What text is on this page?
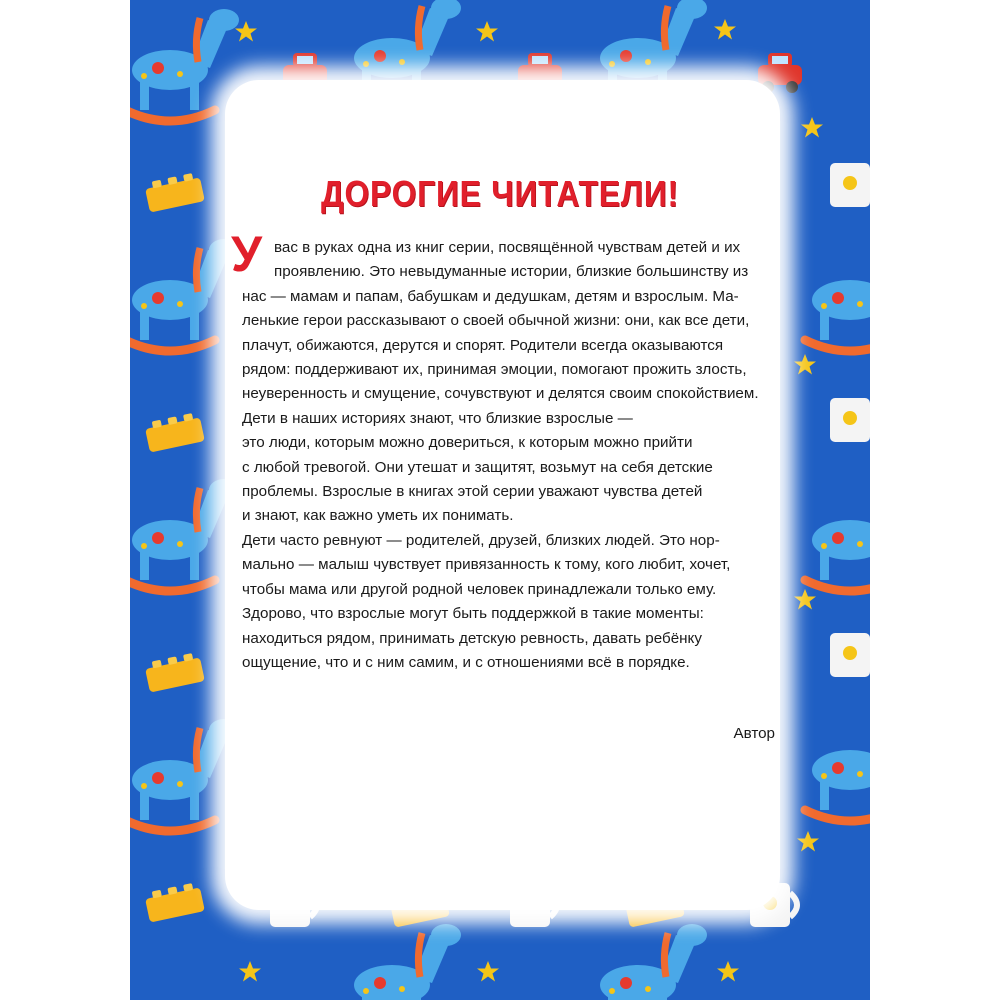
ДОРОГИЕ ЧИТАТЕЛИ!
У вас в руках одна из книг серии, посвящённой чувствам детей и их
проявлению. Это невыдуманные истории, близкие большинству из
нас — мамам и папам, бабушкам и дедушкам, детям и взрослым. Ма-
ленькие герои рассказывают о своей обычной жизни: они, как все дети,
плачут, обижаются, дерутся и спорят. Родители всегда оказываются
рядом: поддерживают их, принимая эмоции, помогают прожить злость,
неуверенность и смущение, сочувствуют и делятся своим спокойствием.
Дети в наших историях знают, что близкие взрослые —
это люди, которым можно довериться, к которым можно прийти
с любой тревогой. Они утешат и защитят, возьмут на себя детские
проблемы. Взрослые в книгах этой серии уважают чувства детей
и знают, как важно уметь их понимать.
Дети часто ревнуют — родителей, друзей, близких людей. Это нор-
мально — малыш чувствует привязанность к тому, кого любит, хочет,
чтобы мама или другой родной человек принадлежали только ему.
Здорово, что взрослые могут быть поддержкой в такие моменты:
находиться рядом, принимать детскую ревность, давать ребёнку
ощущение, что и с ним самим, и с отношениями всё в порядке.
Автор
